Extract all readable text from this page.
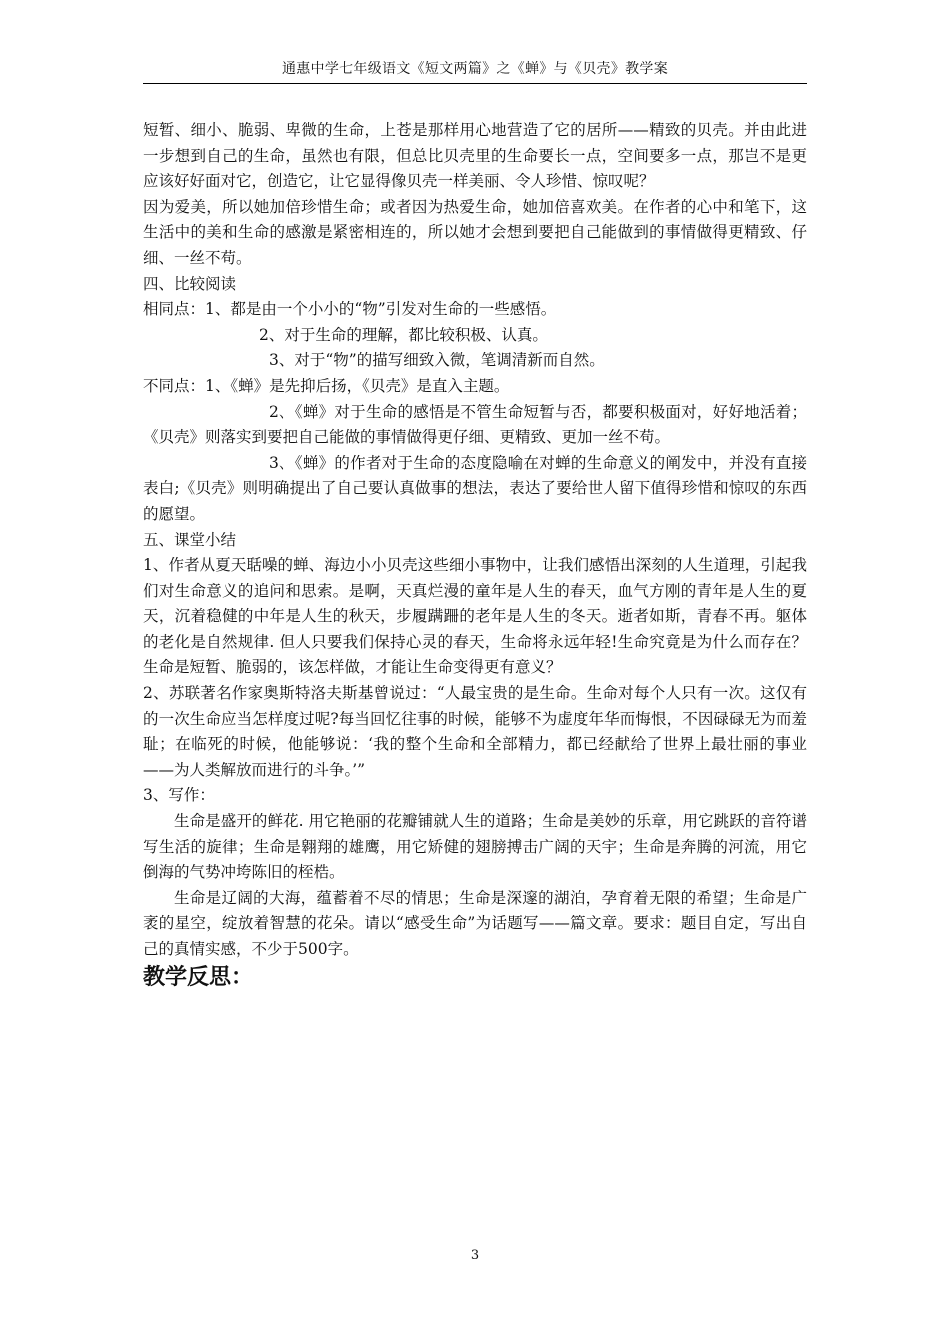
通惠中学七年级语文《短文两篇》之《蝉》与《贝壳》教学案

短暂、细小、脆弱、卑微的生命，上苍是那样用心地营造了它的居所——精致的贝壳。并由此进一步想到自己的生命，虽然也有限，但总比贝壳里的生命要长一点，空间要多一点，那岂不是更应该好好面对它，创造它，让它显得像贝壳一样美丽、令人珍惜、惊叹呢？

因为爱美，所以她加倍珍惜生命；或者因为热爱生命，她加倍喜欢美。在作者的心中和笔下，这生活中的美和生命的感激是紧密相连的，所以她才会想到要把自己能做到的事情做得更精致、仔细、一丝不苟。

四、比较阅读

相同点：1、都是由一个小小的“物”引发对生命的一些感悟。

2、对于生命的理解，都比较积极、认真。

3、对于“物”的描写细致入微，笔调清新而自然。

不同点：1、《蝉》是先抑后扬，《贝壳》是直入主题。

2､《蝉》对于生命的感悟是不管生命短暂与否，都要积极面对，好好地活着；《贝壳》则落实到要把自己能做的事情做得更仔细、更精致、更加一丝不苟。

3､《蝉》的作者对于生命的态度隐喻在对蝉的生命意义的阐发中，并没有直接表白;《贝壳》则明确提出了自己要认真做事的想法，表达了要给世人留下值得珍惜和惊叹的东西的愿望。

五、课堂小结

1、作者从夏天聒噪的蝉、海边小小贝壳这些细小事物中，让我们感悟出深刻的人生道理，引起我们对生命意义的追问和思索。是啊，天真烂漫的童年是人生的春天，血气方刚的青年是人生的夏天，沉着稳健的中年是人生的秋天，步履蹒跚的老年是人生的冬天。逝者如斯，青春不再。躯体的老化是自然规律. 但人只要我们保持心灵的春天，生命将永远年轻!生命究竟是为什么而存在？生命是短暂、脆弱的，该怎样做，才能让生命变得更有意义？

2、苏联著名作家奥斯特洛夫斯基曾说过：“人最宝贵的是生命。生命对每个人只有一次。这仅有的一次生命应当怎样度过呢?每当回忆往事的时候，能够不为虚度年华而悔恨，不因碌碌无为而羞耻；在临死的时候，他能够说：‘我的整个生命和全部精力，都已经献给了世界上最壮丽的事业——为人类解放而进行的斗争。’”

3、写作：

生命是盛开的鲜花. 用它艳丽的花瓣铺就人生的道路；生命是美妙的乐章，用它跳跃的音符谱写生活的旋律；生命是翱翔的雄鹰，用它矫健的翅膀搏击广阔的天宇；生命是奔腾的河流，用它倒海的气势冲垮陈旧的桎梏。

生命是辽阔的大海，蕴蓄着不尽的情思；生命是深邃的湖泊，孕育着无限的希望；生命是广袤的星空，绽放着智慧的花朵。请以“感受生命”为话题写——篇文章。要求：题目自定，写出自己的真情实感，不少于500字。

教学反思：

3
